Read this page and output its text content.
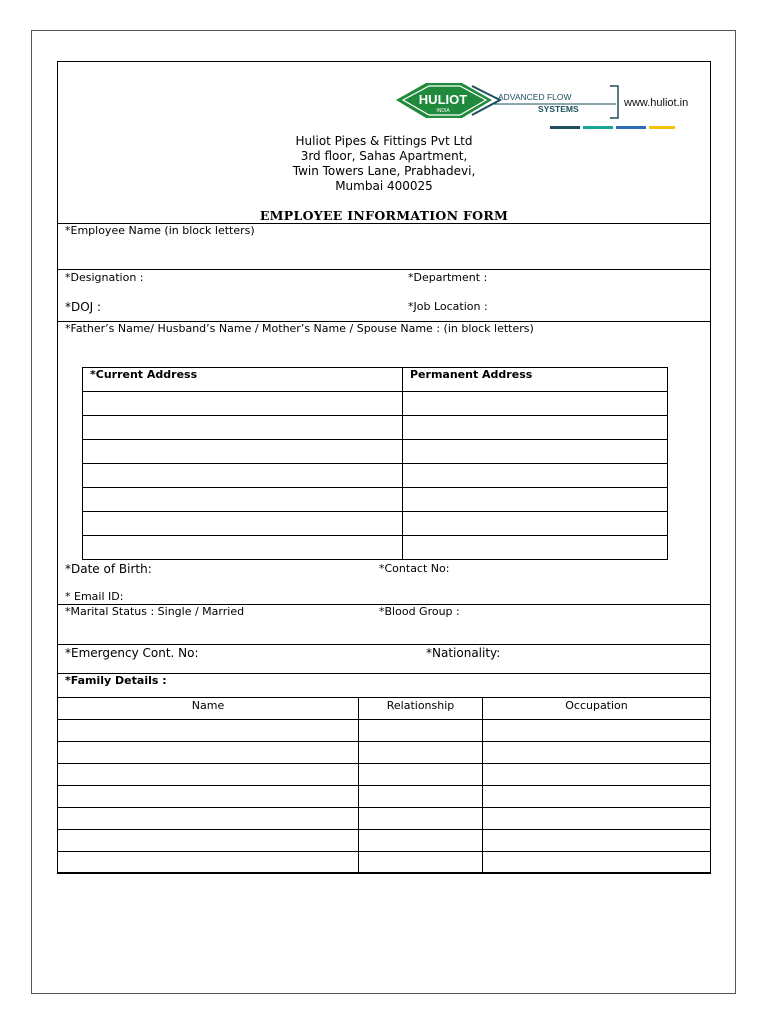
HULIOT
INDIA
ADVANCED FLOW
SYSTEMS	www.huliot.in
Huliot Pipes & Fittings Pvt Ltd
3rd floor, Sahas Apartment,
Twin Towers Lane, Prabhadevi,
Mumbai 400025
EMPLOYEE INFORMATION FORM
*Employee Name (in block letters)
*Designation :	*Department :
*DOJ :	*Job Location :
*Father’s Name/ Husband’s Name / Mother’s Name / Spouse Name : (in block letters)
*Current Address	Permanent Address

*Date of Birth:	*Contact No:
* Email ID:
*Marital Status : Single / Married	*Blood Group :
*Emergency Cont. No:	*Nationality:
*Family Details :
Name	Relationship	Occupation
